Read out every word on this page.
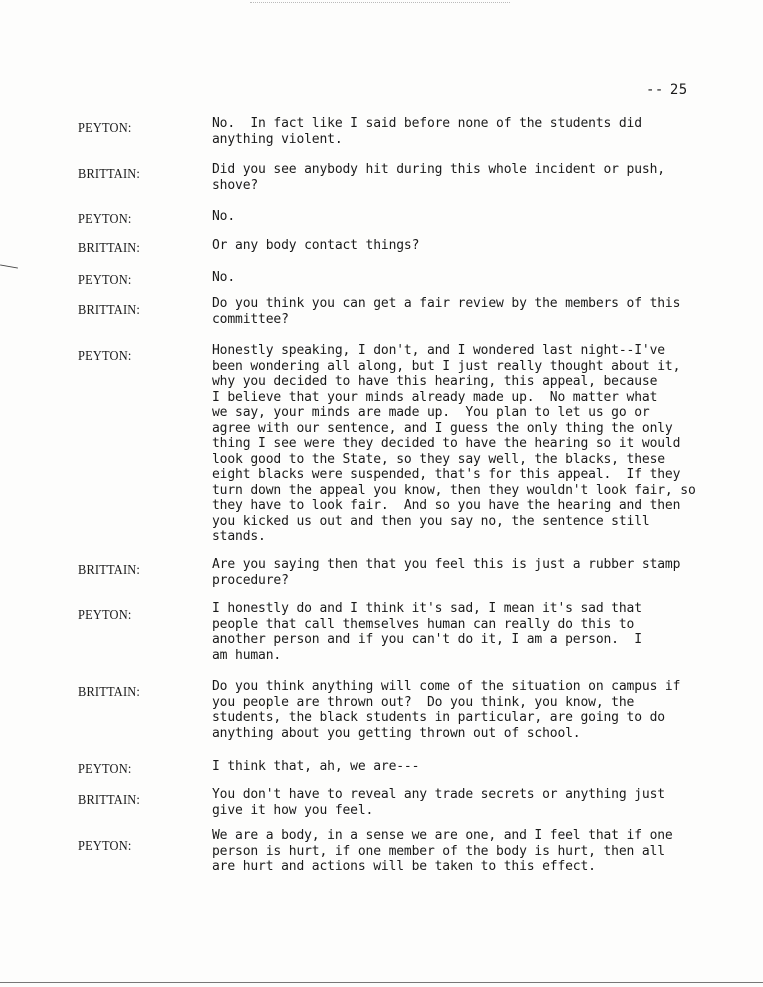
-- 25
PEYTON:	No.  In fact like I said before none of the students did
anything violent.
BRITTAIN:	Did you see anybody hit during this whole incident or push,
shove?
PEYTON:	No.
BRITTAIN:	Or any body contact things?
PEYTON:	No.
BRITTAIN:	Do you think you can get a fair review by the members of this
committee?
PEYTON:	Honestly speaking, I don't, and I wondered last night--I've
been wondering all along, but I just really thought about it,
why you decided to have this hearing, this appeal, because
I believe that your minds already made up.  No matter what
we say, your minds are made up.  You plan to let us go or
agree with our sentence, and I guess the only thing the only
thing I see were they decided to have the hearing so it would
look good to the State, so they say well, the blacks, these
eight blacks were suspended, that's for this appeal.  If they
turn down the appeal you know, then they wouldn't look fair, so
they have to look fair.  And so you have the hearing and then
you kicked us out and then you say no, the sentence still
stands.
BRITTAIN:	Are you saying then that you feel this is just a rubber stamp
procedure?
PEYTON:	I honestly do and I think it's sad, I mean it's sad that
people that call themselves human can really do this to
another person and if you can't do it, I am a person.  I
am human.
BRITTAIN:	Do you think anything will come of the situation on campus if
you people are thrown out?  Do you think, you know, the
students, the black students in particular, are going to do
anything about you getting thrown out of school.
PEYTON:	I think that, ah, we are---
BRITTAIN:	You don't have to reveal any trade secrets or anything just
give it how you feel.
PEYTON:
We are a body, in a sense we are one, and I feel that if one
person is hurt, if one member of the body is hurt, then all
are hurt and actions will be taken to this effect.
